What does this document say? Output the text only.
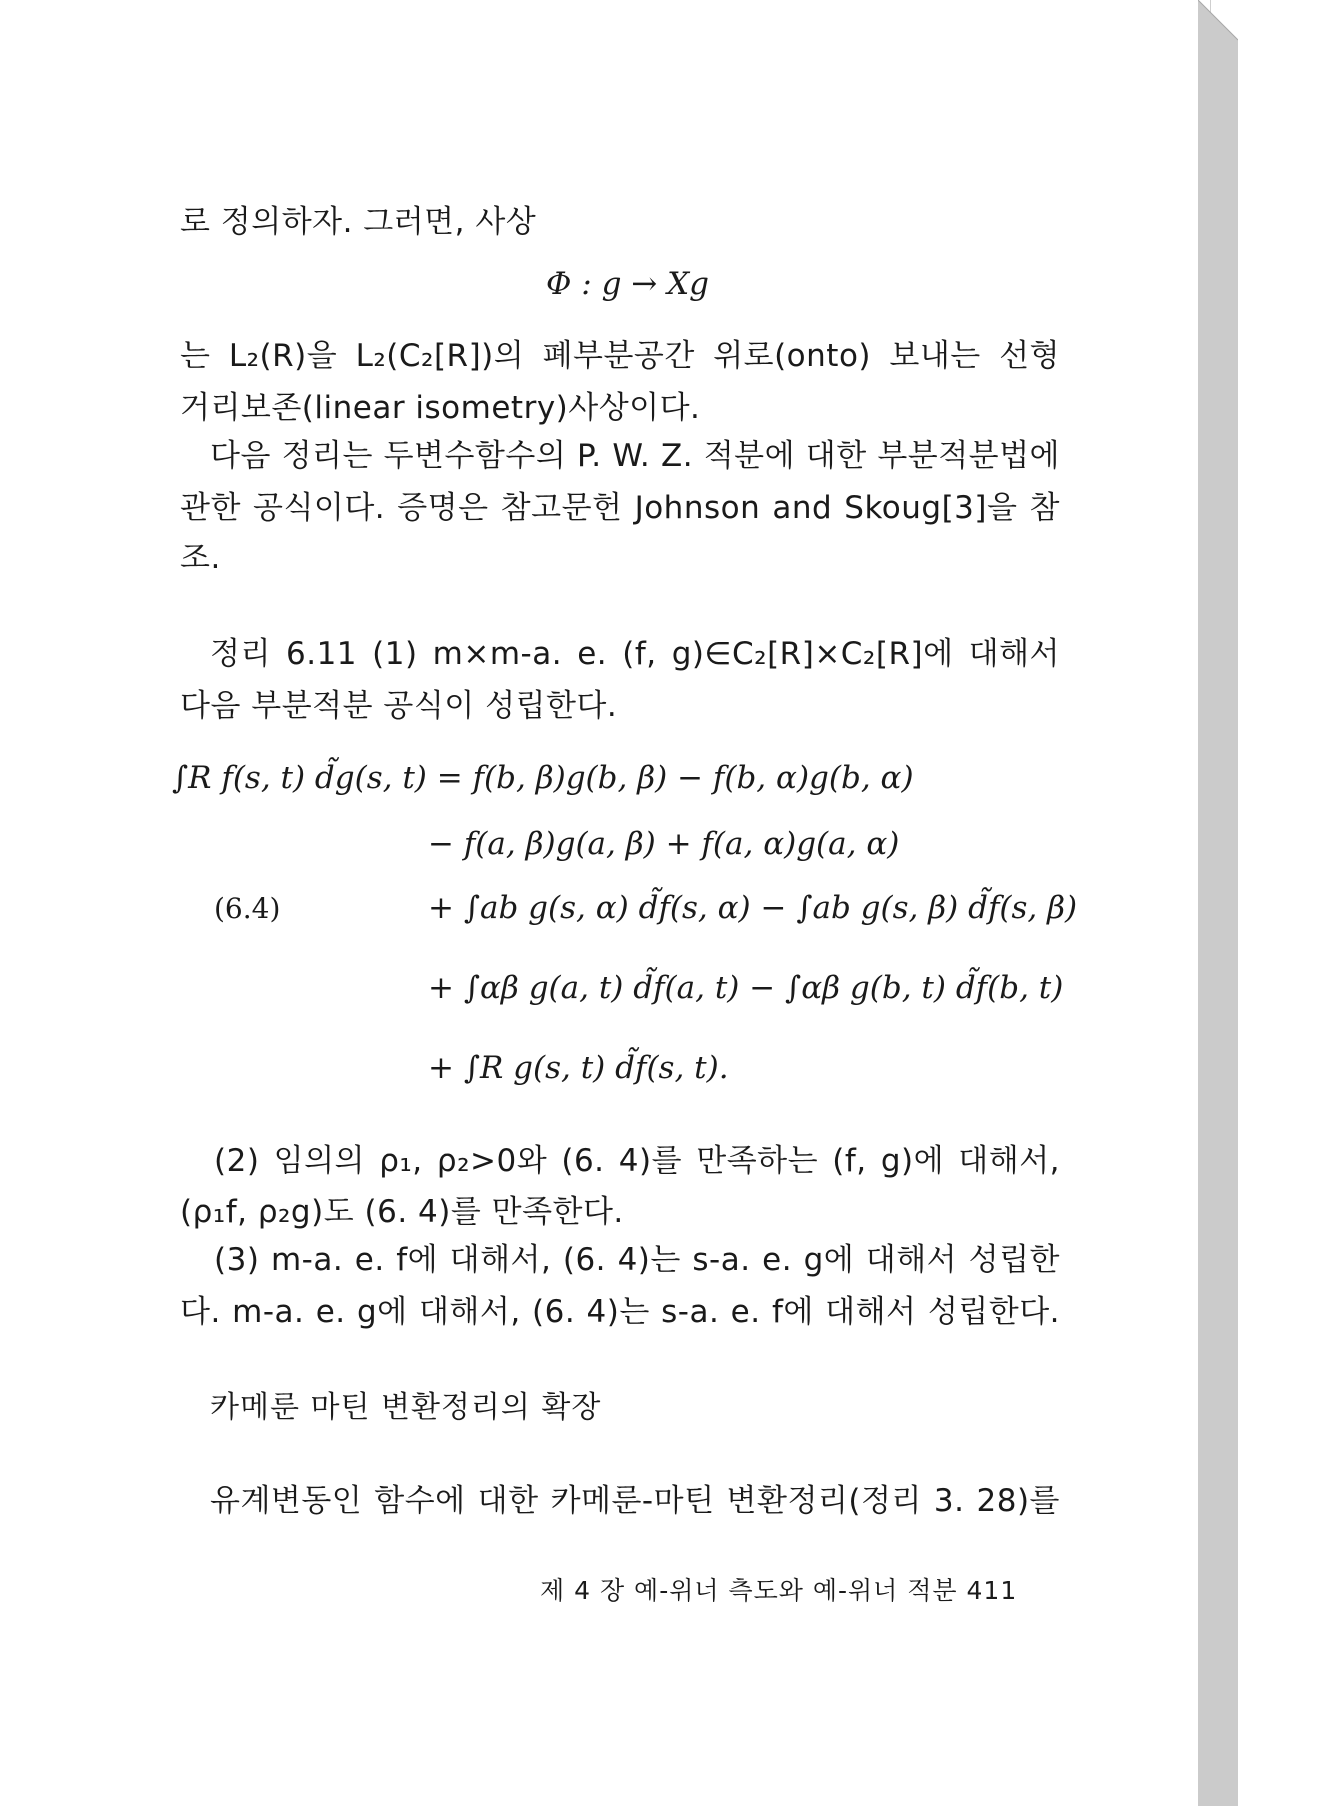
로 정의하자. 그러면, 사상
Φ : g → Xg
는 L₂(R)을 L₂(C₂[R])의 폐부분공간 위로(onto) 보내는 선형
거리보존(linear isometry)사상이다.
다음 정리는 두변수함수의 P. W. Z. 적분에 대한 부분적분법에
관한 공식이다. 증명은 참고문헌 Johnson and Skoug[3]을 참
조.
정리 6.11 (1) m×m-a. e. (f, g)∈C₂[R]×C₂[R]에 대해서
다음 부분적분 공식이 성립한다.
∫R f(s, t) d̃g(s, t) = f(b, β)g(b, β) − f(b, α)g(b, α)
− f(a, β)g(a, β) + f(a, α)g(a, α)
(6.4)	+ ∫ab g(s, α) d̃f(s, α) − ∫ab g(s, β) d̃f(s, β)
+ ∫αβ g(a, t) d̃f(a, t) − ∫αβ g(b, t) d̃f(b, t)
+ ∫R g(s, t) d̃f(s, t).
(2) 임의의 ρ₁, ρ₂>0와 (6. 4)를 만족하는 (f, g)에 대해서,
(ρ₁f, ρ₂g)도 (6. 4)를 만족한다.
(3) m-a. e. f에 대해서, (6. 4)는 s-a. e. g에 대해서 성립한
다. m-a. e. g에 대해서, (6. 4)는 s-a. e. f에 대해서 성립한다.
카메룬 마틴 변환정리의 확장
유계변동인 함수에 대한 카메룬-마틴 변환정리(정리 3. 28)를
제 4 장 예-위너 측도와 예-위너 적분 411
